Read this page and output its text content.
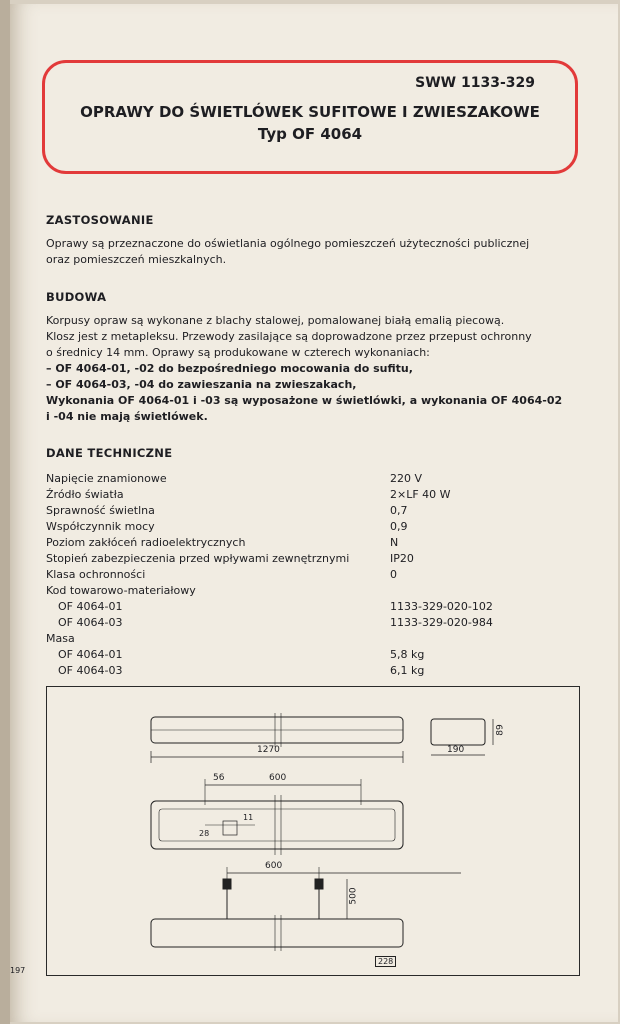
SWW 1133-329
OPRAWY DO ŚWIETLÓWEK SUFITOWE I ZWIESZAKOWE
Typ OF 4064
ZASTOSOWANIE
Oprawy są przeznaczone do oświetlania ogólnego pomieszczeń użyteczności publicznej
oraz pomieszczeń mieszkalnych.
BUDOWA
Korpusy opraw są wykonane z blachy stalowej, pomalowanej białą emalią piecową.
Klosz jest z metapleksu. Przewody zasilające są doprowadzone przez przepust ochronny
o średnicy 14 mm. Oprawy są produkowane w czterech wykonaniach:
– OF 4064-01, -02 do bezpośredniego mocowania do sufitu,
– OF 4064-03, -04 do zawieszania na zwieszakach,
Wykonania OF 4064-01 i -03 są wyposażone w świetlówki, a wykonania OF 4064-02
i -04 nie mają świetlówek.
DANE TECHNICZNE
Napięcie znamionowe	220 V
Źródło światła	2×LF 40 W
Sprawność świetlna	0,7
Współczynnik mocy	0,9
Poziom zakłóceń radioelektrycznych	N
Stopień zabezpieczenia przed wpływami zewnętrznymi	IP20
Klasa ochronności	0
Kod towarowo-materiałowy
OF 4064-01	1133-329-020-102
OF 4064-03	1133-329-020-984
Masa
OF 4064-01	5,8 kg
OF 4064-03	6,1 kg
1270	190
89
56	600
11
28
600
500
228
197
